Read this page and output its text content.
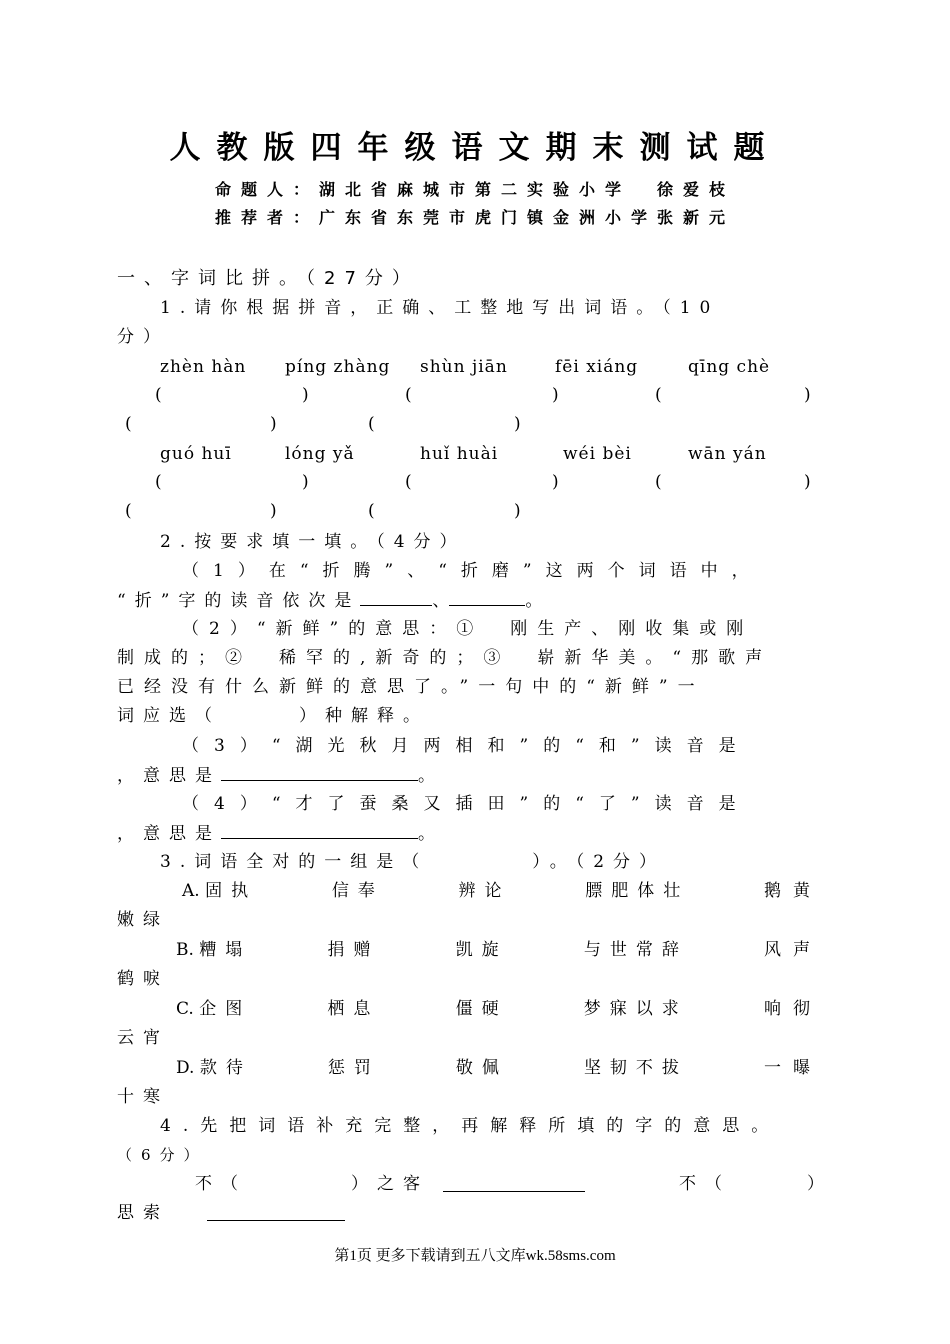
人教版四年级语文期末测试题
命题人：湖北省麻城市第二实验小学　徐爱枝
推荐者：广东省东莞市虎门镇金洲小学张新元
一、字词比拼。（27分）
1.请你根据拼音，正确、工整地写出词语。（10
分）
zhèn hàn	píng zhàng	shùn jiān	fēi xiáng	qīng chè
(	)	(	)	(	)
(	)	(	)
guó huī	lóng yǎ	huǐ huài	wéi bèi	wān yán
(	)	(	)	(	)
(	)	(	)
2.按要求填一填。（4分）
（1）在“折腾”、“折磨”这两个词语中，
“折”字的读音依次是	、	。
（2）“新鲜”的意思：①　刚生产、刚收集或刚
制成的；②　稀罕的,新奇的；③　崭新华美。“那歌声
已经没有什么新鲜的意思了。”一句中的“新鲜”一
词应选（　　　）种解释。
（3）“湖光秋月两相和”的“和”读音是
，意思是	。
（4）“才了蚕桑又插田”的“了”读音是
，意思是	。
3.词语全对的一组是（　　　　）。（2分）
A. 固执	信奉	辨论	膘肥体壮	鹅黄
嫩绿
B. 糟塌	捐赠	凯旋	与世常辞	风声
鹤唳
C. 企图	栖息	僵硬	梦寐以求	响彻
云宵
D. 款待	惩罚	敬佩	坚韧不拔	一曝
十寒
4.先把词语补充完整，再解释所填的字的意思。
（6分）
不（　　　　）之客	不（	）
思索
第1页 更多下载请到五八文库wk.58sms.com
